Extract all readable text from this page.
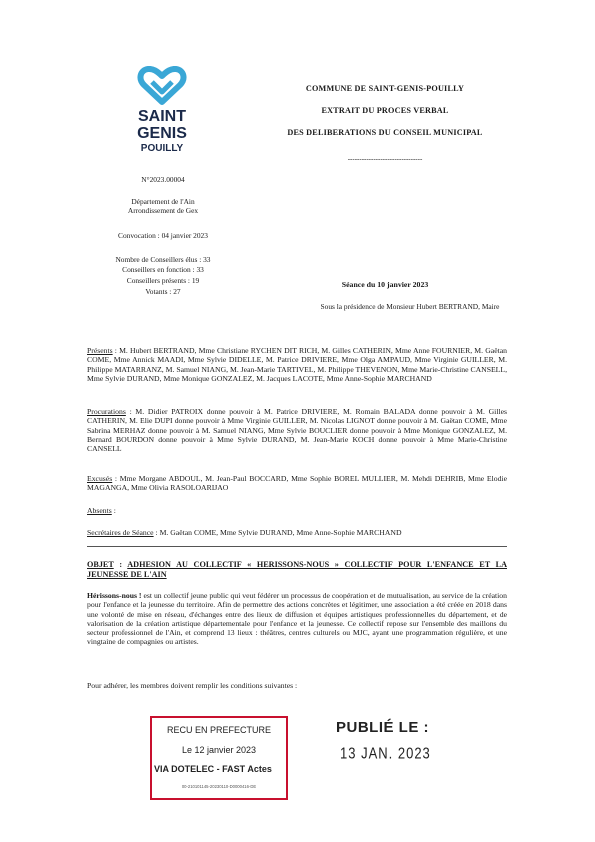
SAINT
GENIS
POUILLY
COMMUNE DE SAINT-GENIS-POUILLY
EXTRAIT DU PROCES VERBAL
DES DELIBERATIONS DU CONSEIL MUNICIPAL
--------------------------------
N°2023.00004
Département de l'Ain
Arrondissement de Gex
Convocation : 04 janvier 2023
Nombre de Conseillers élus : 33
Conseillers en fonction : 33
Conseillers présents : 19
Votants : 27
Séance du 10 janvier 2023
Sous la présidence de Monsieur Hubert BERTRAND, Maire
Présents : M. Hubert BERTRAND, Mme Christiane RYCHEN DIT RICH, M. Gilles CATHERIN, Mme Anne FOURNIER, M. Gaëtan COME, Mme Annick MAADI, Mme Sylvie DIDELLE, M. Patrice DRIVIERE, Mme Olga AMPAUD, Mme Virginie GUILLER, M. Philippe MATARRANZ, M. Samuel NIANG, M. Jean-Marie TARTIVEL, M. Philippe THEVENON, Mme Marie-Christine CANSELL, Mme Sylvie DURAND, Mme Monique GONZALEZ, M. Jacques LACOTE, Mme Anne-Sophie MARCHAND
Procurations : M. Didier PATROIX donne pouvoir à M. Patrice DRIVIERE, M. Romain BALADA donne pouvoir à M. Gilles CATHERIN, M. Elie DUPI donne pouvoir à Mme Virginie GUILLER, M. Nicolas LIGNOT donne pouvoir à M. Gaëtan COME, Mme Sabrina MERHAZ donne pouvoir à M. Samuel NIANG, Mme Sylvie BOUCLIER donne pouvoir à Mme Monique GONZALEZ, M. Bernard BOURDON donne pouvoir à Mme Sylvie DURAND, M. Jean-Marie KOCH donne pouvoir à Mme Marie-Christine CANSELL
Excusés : Mme Morgane ABDOUL, M. Jean-Paul BOCCARD, Mme Sophie BOREL MULLIER, M. Mehdi DEHRIB, Mme Elodie MAGANGA, Mme Olivia RASOLOARIJAO
Absents :
Secrétaires de Séance : M. Gaëtan COME, Mme Sylvie DURAND, Mme Anne-Sophie MARCHAND
OBJET : ADHESION AU COLLECTIF « HERISSONS-NOUS » COLLECTIF POUR L'ENFANCE ET LA JEUNESSE DE L'AIN
Hérissons-nous ! est un collectif jeune public qui veut fédérer un processus de coopération et de mutualisation, au service de la création pour l'enfance et la jeunesse du territoire. Afin de permettre des actions concrètes et légitimer, une association a été créée en 2018 dans une volonté de mise en réseau, d'échanges entre des lieux de diffusion et équipes artistiques professionnelles du département, et de valorisation de la création artistique départementale pour l'enfance et la jeunesse. Ce collectif repose sur l'ensemble des maillons du secteur professionnel de l'Ain, et comprend 13 lieux : théâtres, centres culturels ou MJC, ayant une programmation régulière, et une vingtaine de compagnies ou artistes.
Pour adhérer, les membres doivent remplir les conditions suivantes :
RECU EN PREFECTURE
Le 12 janvier 2023
VIA DOTELEC - FAST Actes
00-210101145-20230110-D0000416-DE
PUBLIÉ LE :
13 JAN. 2023
